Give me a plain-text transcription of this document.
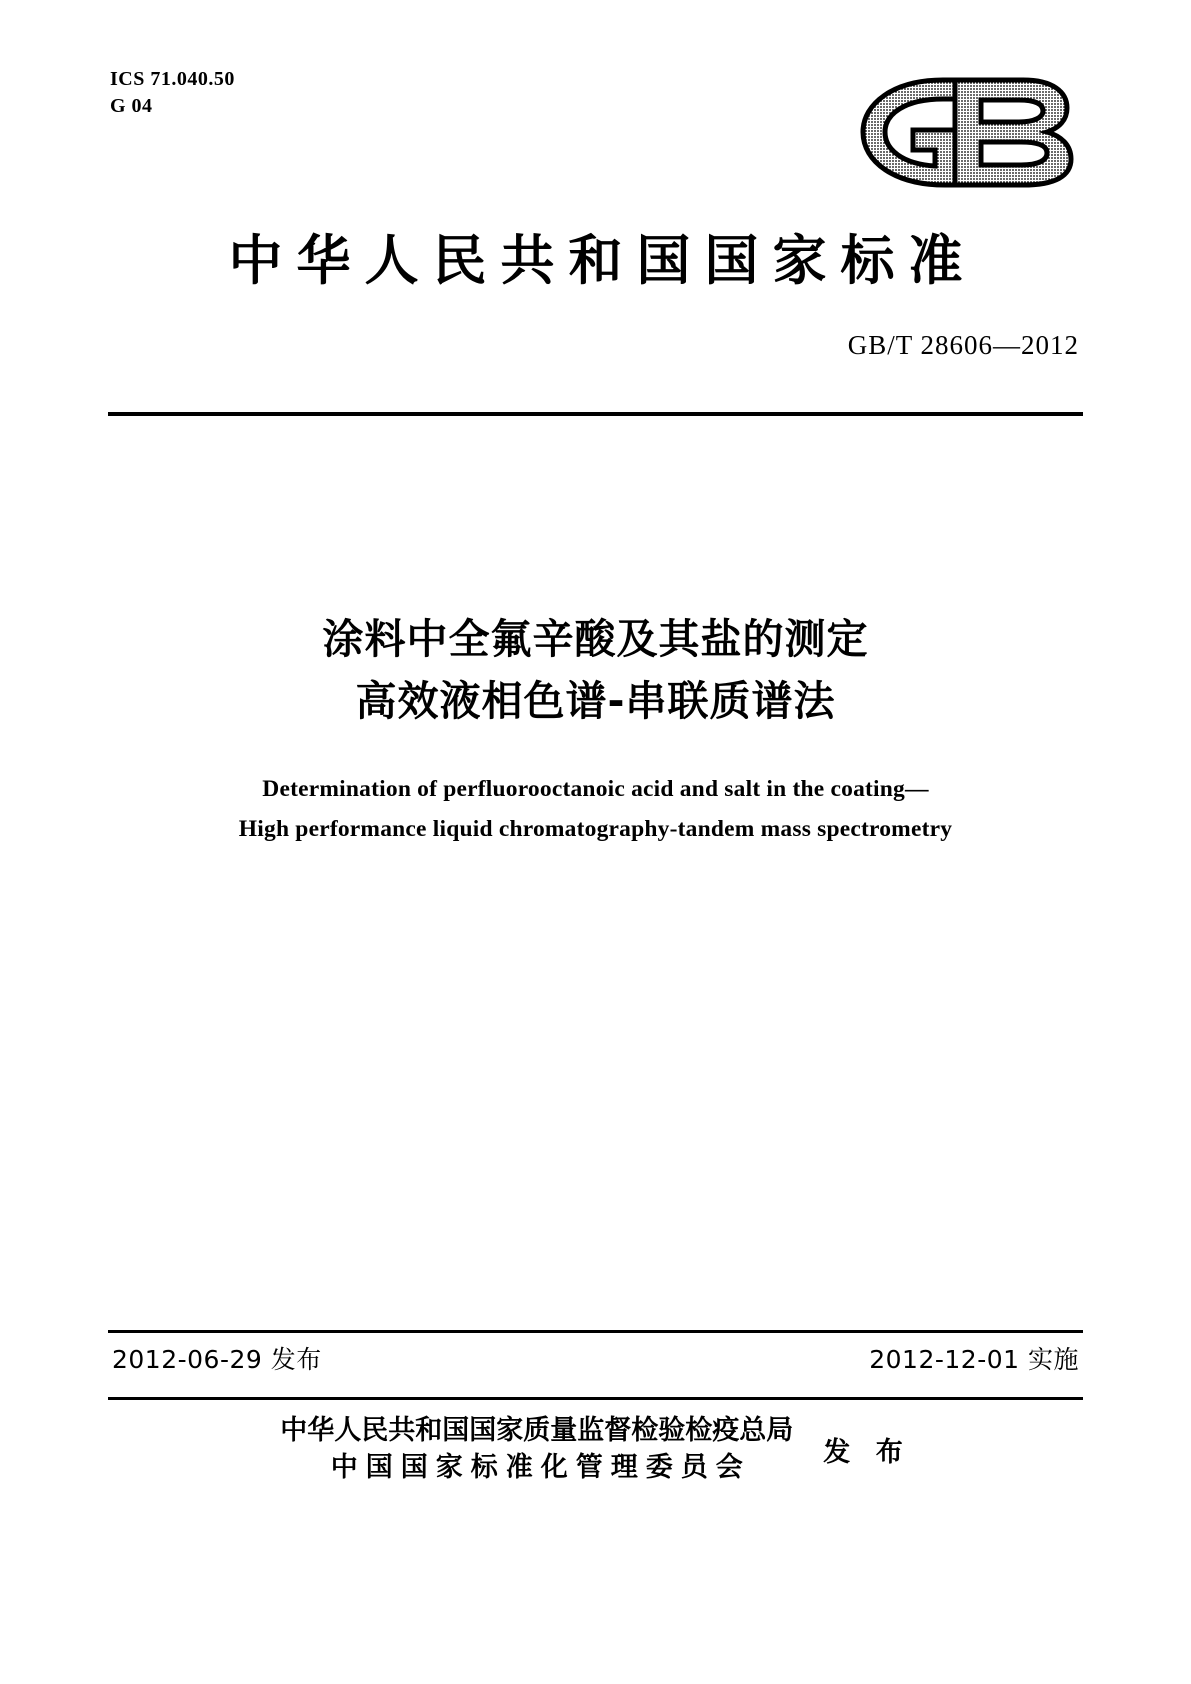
ICS 71.040.50
G 04
中华人民共和国国家标准
GB/T 28606—2012
涂料中全氟辛酸及其盐的测定
高效液相色谱-串联质谱法
Determination of perfluorooctanoic acid and salt in the coating—
High performance liquid chromatography-tandem mass spectrometry
2012-06-29 发布	2012-12-01 实施
中华人民共和国国家质量监督检验检疫总局
中国国家标准化管理委员会	发 布
